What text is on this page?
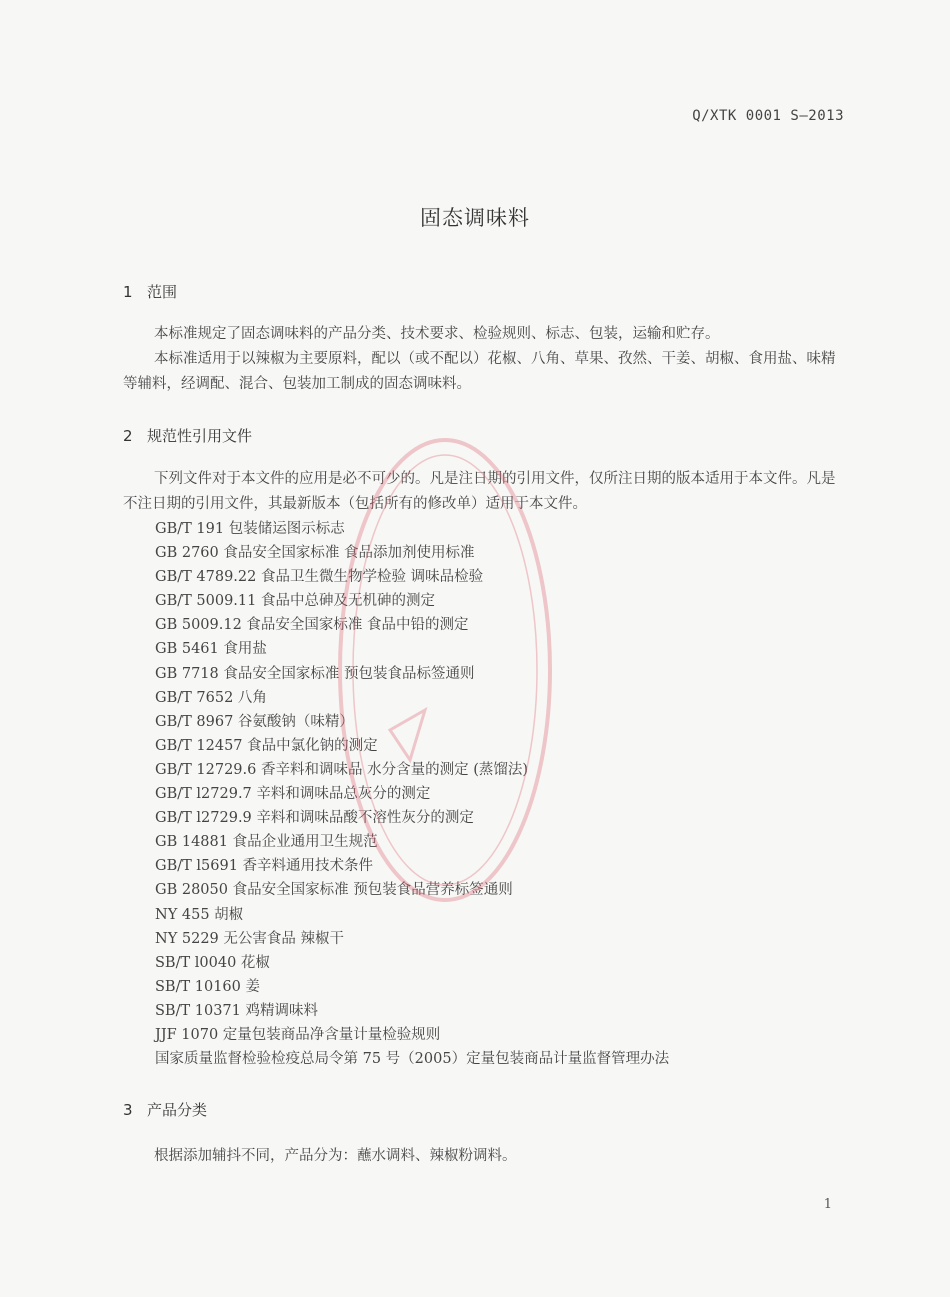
Q/XTK 0001 S—2013
固态调味料
1 范围
本标准规定了固态调味料的产品分类、技术要求、检验规则、标志、包装，运输和贮存。
本标准适用于以辣椒为主要原料，配以（或不配以）花椒、八角、草果、孜然、干姜、胡椒、食用盐、味精等辅料，经调配、混合、包装加工制成的固态调味料。
2 规范性引用文件
下列文件对于本文件的应用是必不可少的。凡是注日期的引用文件，仅所注日期的版本适用于本文件。凡是不注日期的引用文件，其最新版本（包括所有的修改单）适用于本文件。
GB/T 191 包装储运图示标志
GB 2760 食品安全国家标准 食品添加剂使用标准
GB/T 4789.22 食品卫生微生物学检验 调味品检验
GB/T 5009.11 食品中总砷及无机砷的测定
GB 5009.12 食品安全国家标准 食品中铅的测定
GB 5461 食用盐
GB 7718 食品安全国家标准 预包装食品标签通则
GB/T 7652 八角
GB/T 8967 谷氨酸钠（味精）
GB/T 12457 食品中氯化钠的测定
GB/T 12729.6 香辛料和调味品 水分含量的测定 (蒸馏法)
GB/T l2729.7 辛料和调味品总灰分的测定
GB/T l2729.9 辛料和调味品酸不溶性灰分的测定
GB 14881 食品企业通用卫生规范
GB/T l5691 香辛料通用技术条件
GB 28050 食品安全国家标准 预包装食品营养标签通则
NY 455 胡椒
NY 5229 无公害食品 辣椒干
SB/T l0040 花椒
SB/T 10160 姜
SB/T 10371 鸡精调味料
JJF 1070 定量包装商品净含量计量检验规则
国家质量监督检验检疫总局令第 75 号（2005）定量包装商品计量监督管理办法
3 产品分类
根据添加辅抖不同，产品分为：蘸水调料、辣椒粉调料。
1
